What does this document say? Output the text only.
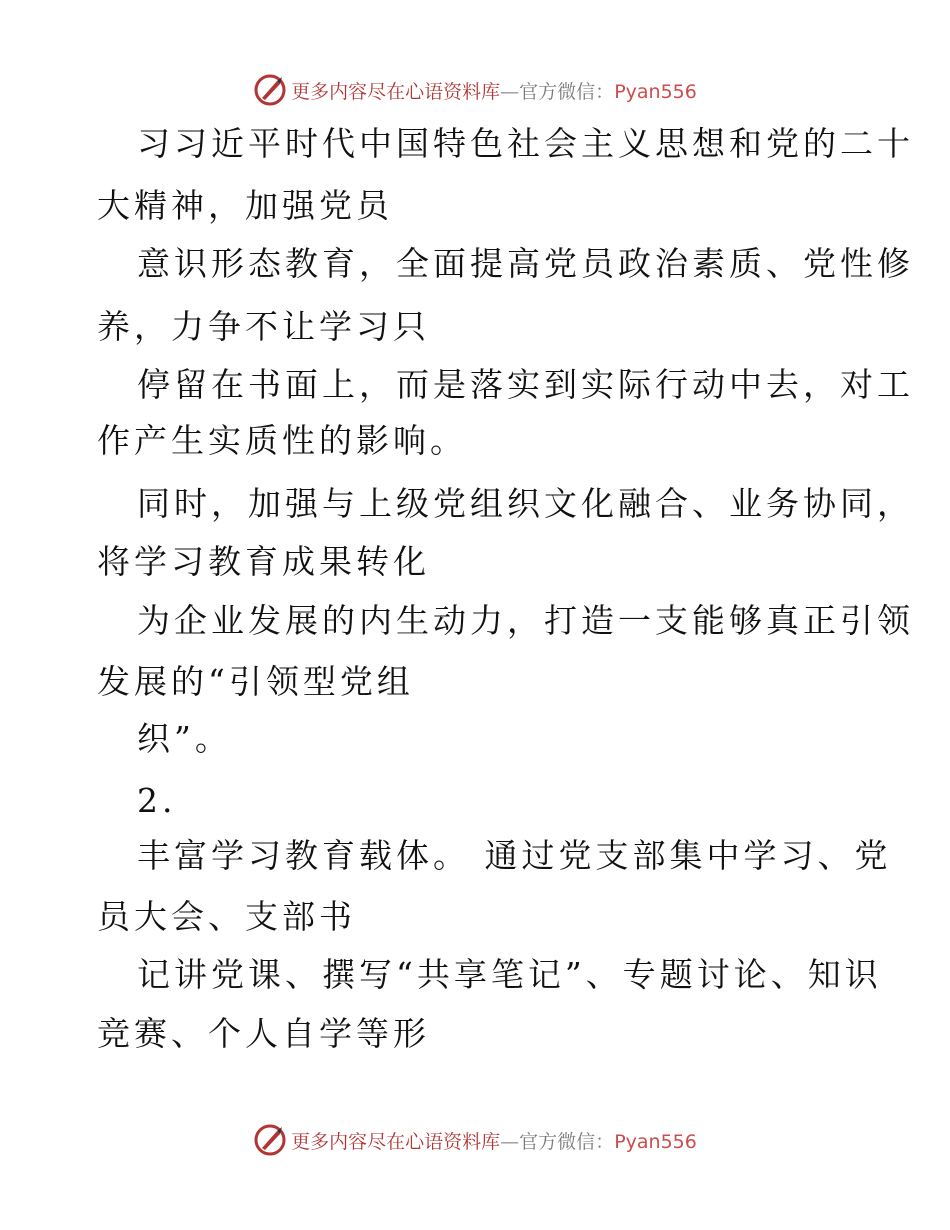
更多内容尽在心语资料库—官方微信：Pyan556
习习近平时代中国特色社会主义思想和党的二十
大精神，加强党员
意识形态教育，全面提高党员政治素质、党性修
养，力争不让学习只
停留在书面上，而是落实到实际行动中去，对工
作产生实质性的影响。
同时，加强与上级党组织文化融合、业务协同，
将学习教育成果转化
为企业发展的内生动力，打造一支能够真正引领
发展的“引领型党组
织”。
2.
丰富学习教育载体。 通过党支部集中学习、党
员大会、支部书
记讲党课、撰写“共享笔记”、专题讨论、知识
竞赛、个人自学等形
更多内容尽在心语资料库—官方微信：Pyan556
